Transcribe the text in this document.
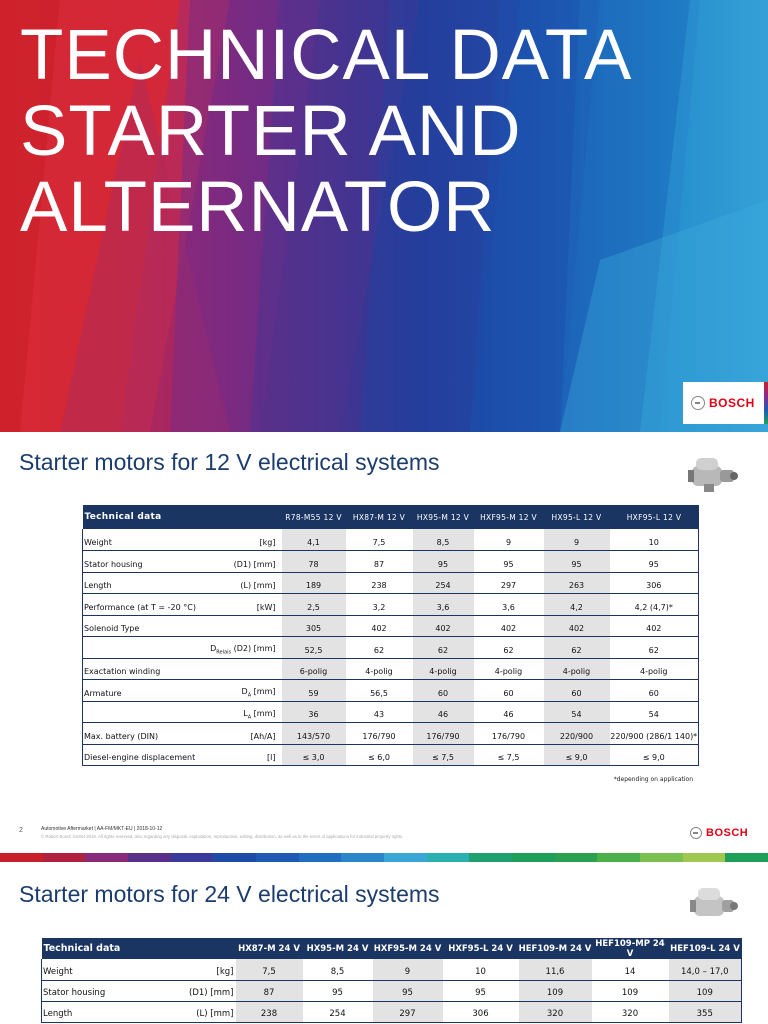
TECHNICAL DATA
STARTER AND
ALTERNATOR
BOSCH
Starter motors for 12 V electrical systems
Technical data		R78-M55 12 V	HX87-M 12 V	HX95-M 12 V	HXF95-M 12 V	HX95-L 12 V	HXF95-L 12 V
Weight	[kg]	4,1	7,5	8,5	9	9	10
Stator housing	(D1) [mm]	78	87	95	95	95	95
Length	(L) [mm]	189	238	254	297	263	306
Performance (at T = -20 °C)	[kW]	2,5	3,2	3,6	3,6	4,2	4,2 (4,7)*
Solenoid Type		305	402	402	402	402	402
	$D_{Relais}$ (D2) [mm]	52,5	62	62	62	62	62
Exactation winding		6-polig	4-polig	4-polig	4-polig	4-polig	4-polig
Armature	$D_A$ [mm]	59	56,5	60	60	60	60
	$L_A$ [mm]	36	43	46	46	54	54
Max. battery (DIN)	[Ah/A]	143/570	176/790	176/790	176/790	220/900	220/900 (286/1 140)*
Diesel-engine displacement	[l]	≤ 3,0	≤ 6,0	≤ 7,5	≤ 7,5	≤ 9,0	≤ 9,0
*depending on application
2	Automotive Aftermarket | AA-FM/MKT-EU | 2018-10-12
© Robert Bosch GmbH 2018. All rights reserved, also regarding any disposal, exploitation, reproduction, editing, distribution, as well as in the event of applications for industrial property rights.	BOSCH
Starter motors for 24 V electrical systems
Technical data		HX87-M 24 V	HX95-M 24 V	HXF95-M 24 V	HXF95-L 24 V	HEF109-M 24 V	HEF109-MP 24 V	HEF109-L 24 V
Weight	[kg]	7,5	8,5	9	10	11,6	14	14,0 – 17,0
Stator housing	(D1) [mm]	87	95	95	95	109	109	109
Length	(L) [mm]	238	254	297	306	320	320	355
